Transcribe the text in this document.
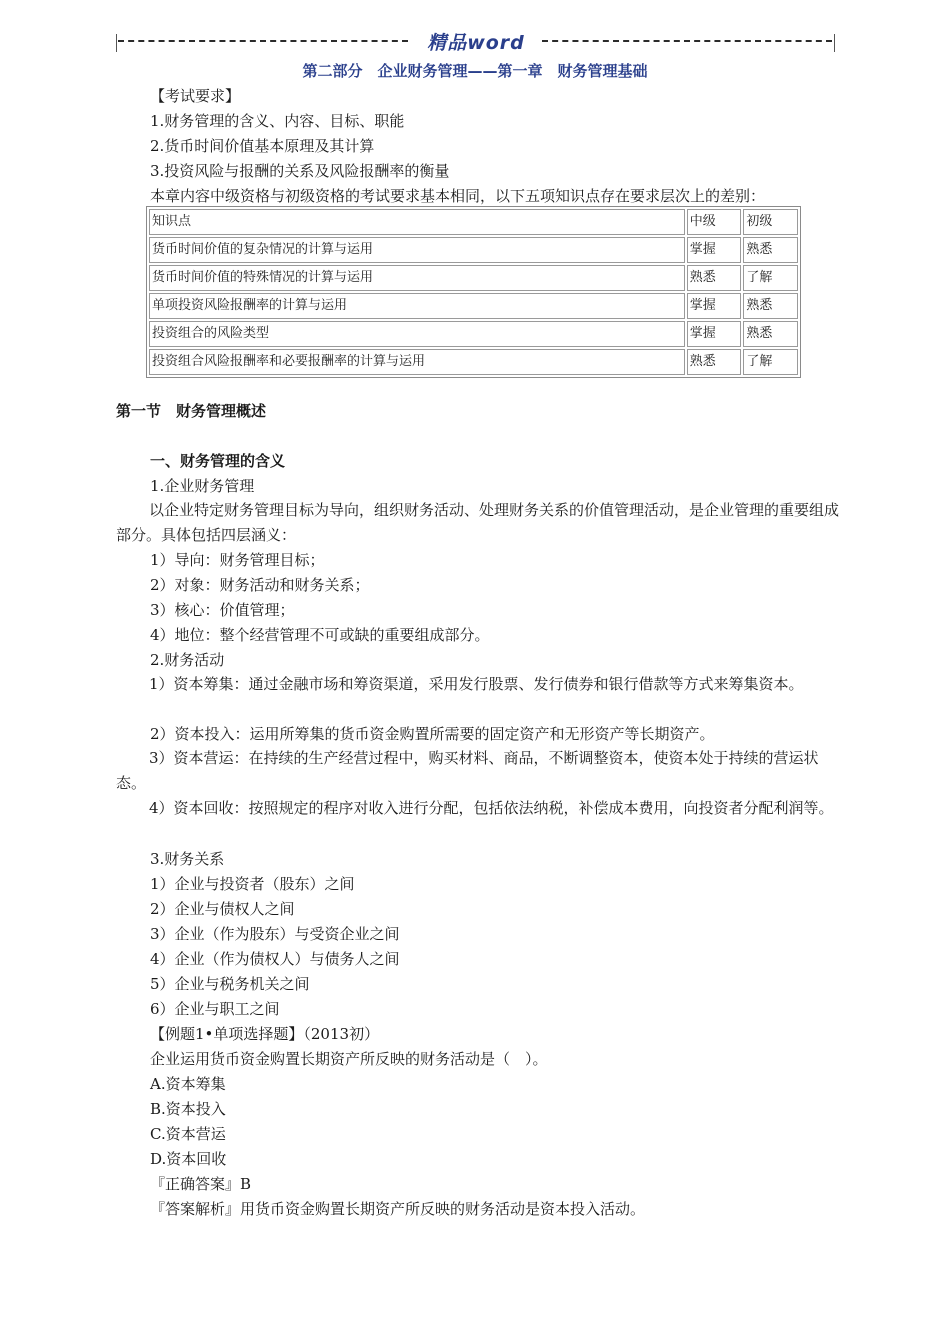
精品word
第二部分　企业财务管理——第一章　财务管理基础
【考试要求】
1.财务管理的含义、内容、目标、职能
2.货币时间价值基本原理及其计算
3.投资风险与报酬的关系及风险报酬率的衡量
本章内容中级资格与初级资格的考试要求基本相同，以下五项知识点存在要求层次上的差别：
知识点	中级	初级
货币时间价值的复杂情况的计算与运用	掌握	熟悉
货币时间价值的特殊情况的计算与运用	熟悉	了解
单项投资风险报酬率的计算与运用	掌握	熟悉
投资组合的风险类型	掌握	熟悉
投资组合风险报酬率和必要报酬率的计算与运用	熟悉	了解
第一节　财务管理概述
一、财务管理的含义
1.企业财务管理
以企业特定财务管理目标为导向，组织财务活动、处理财务关系的价值管理活动，是企业管理的重要组成部分。具体包括四层涵义：
1）导向：财务管理目标；
2）对象：财务活动和财务关系；
3）核心：价值管理；
4）地位：整个经营管理不可或缺的重要组成部分。
2.财务活动
1）资本筹集：通过金融市场和筹资渠道，采用发行股票、发行债券和银行借款等方式来筹集资本。
2）资本投入：运用所筹集的货币资金购置所需要的固定资产和无形资产等长期资产。
3）资本营运：在持续的生产经营过程中，购买材料、商品，不断调整资本，使资本处于持续的营运状态。
4）资本回收：按照规定的程序对收入进行分配，包括依法纳税，补偿成本费用，向投资者分配利润等。
3.财务关系
1）企业与投资者（股东）之间
2）企业与债权人之间
3）企业（作为股东）与受资企业之间
4）企业（作为债权人）与债务人之间
5）企业与税务机关之间
6）企业与职工之间
【例题1•单项选择题】（2013初）
企业运用货币资金购置长期资产所反映的财务活动是（　）。
A.资本筹集
B.资本投入
C.资本营运
D.资本回收
『正确答案』B
『答案解析』用货币资金购置长期资产所反映的财务活动是资本投入活动。
